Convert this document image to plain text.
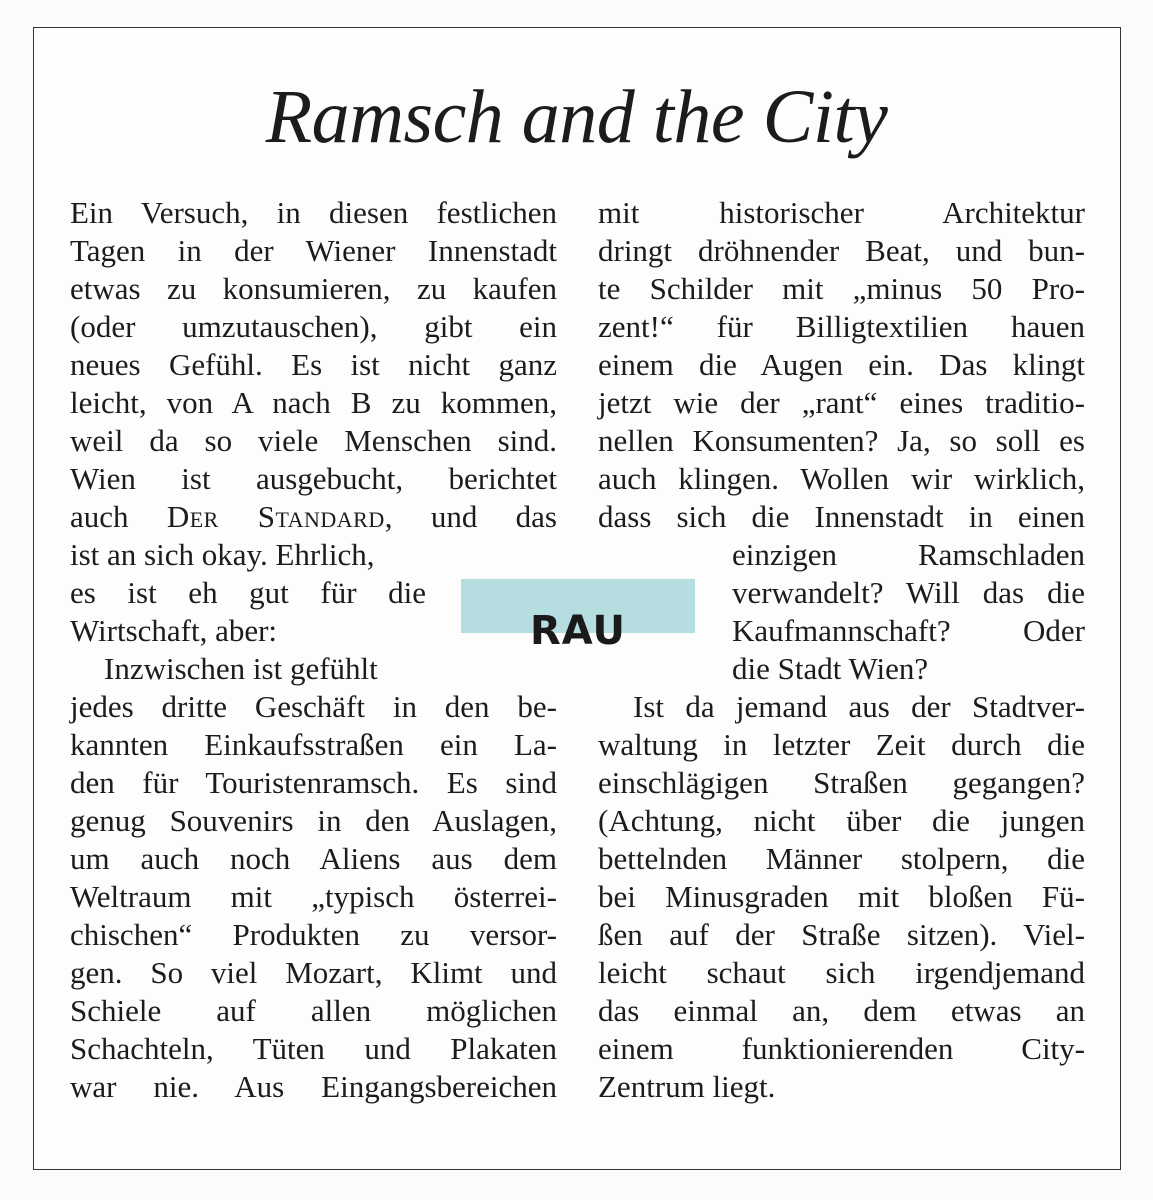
Ramsch and the City
Ein Versuch, in diesen festlichen
Tagen in der Wiener Innenstadt
etwas zu konsumieren, zu kaufen
(oder umzutauschen), gibt ein
neues Gefühl. Es ist nicht ganz
leicht, von A nach B zu kommen,
weil da so viele Menschen sind.
Wien ist ausgebucht, berichtet
auch Der Standard, und das
ist an sich okay. Ehrlich,
es ist eh gut für die
Wirtschaft, aber:
Inzwischen ist gefühlt
jedes dritte Geschäft in den be-
kannten Einkaufsstraßen ein La-
den für Touristenramsch. Es sind
genug Souvenirs in den Auslagen,
um auch noch Aliens aus dem
Weltraum mit „typisch österrei-
chischen“ Produkten zu versor-
gen. So viel Mozart, Klimt und
Schiele auf allen möglichen
Schachteln, Tüten und Plakaten
war nie. Aus Eingangsbereichen
mit historischer Architektur
dringt dröhnender Beat, und bun-
te Schilder mit „minus 50 Pro-
zent!“ für Billigtextilien hauen
einem die Augen ein. Das klingt
jetzt wie der „rant“ eines traditio-
nellen Konsumenten? Ja, so soll es
auch klingen. Wollen wir wirklich,
dass sich die Innenstadt in einen
einzigen Ramschladen
verwandelt? Will das die
Kaufmannschaft? Oder
die Stadt Wien?
Ist da jemand aus der Stadtver-
waltung in letzter Zeit durch die
einschlägigen Straßen gegangen?
(Achtung, nicht über die jungen
bettelnden Männer stolpern, die
bei Minusgraden mit bloßen Fü-
ßen auf der Straße sitzen). Viel-
leicht schaut sich irgendjemand
das einmal an, dem etwas an
einem funktionierenden City-
Zentrum liegt.
RAU
